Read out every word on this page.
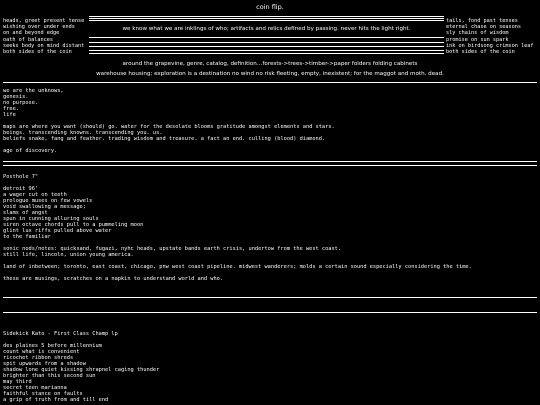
coin flip.
heads, greet present tense
wishing over under ends
on and beyond edge
oath of balances
seeks body on mind distant
both sides of the coin
tails, fond past tenses
eternal chase on seasons
sly chains of wisdom
promise on sun spark
ink on birdsong crimson leaf
both sides of the coin
we know what we are inklings of who; artifacts and relics defined by passing. never hits the light right.
around the grapevine, genre, catalog, definition…forests->trees->timber->paper folders folding cabinets
warehouse housing; exploration is a destination no wind no risk fleeting, empty, inexistent; for the maggot and moth. dead.
we are the unknows,
genesis.
no purpose.
free.
life
maps are where you want (should) go. water for the desolate blooms gratitude amongst elements and stars.
beings. transcending knowns. transcending you. us.
beliefs snake, fang and feather. trading wisdom and treasure. a fact an end. culling (blood) diamond.
age of discovery.
Posthole 7"
detroit 96'
a wager cut on teeth
prologue muses on few vowels
void swallowing a message;
slams of angst
spun in cunning alluring souls
siren octave chords pull to a pummeling moon
glint lux riffs pulled above water
to the familiar
sonic nods/notes: quicksand, fugazi, nyhc heads, upstate bands earth crisis, undertow from the west coast.
still life, lincoln, union young america.
land of inbetween; toronto, east coast, chicago, pnw west coast pipeline. midwest wanderers; molds a certain sound especially considering the time.
these are musings, scratches on a napkin to understand world and who.
Sidekick Kato - First Class Champ lp
des plaines 5 before millennium
count what is convenient
ricochet ribbon shreds
spit upwards from a shadow
shadow lone quiet kissing shrapnel caging thunder
brighter than this second sun
may third
secret teen marianna
faithful stance on faults
a grip of truth from and till end
